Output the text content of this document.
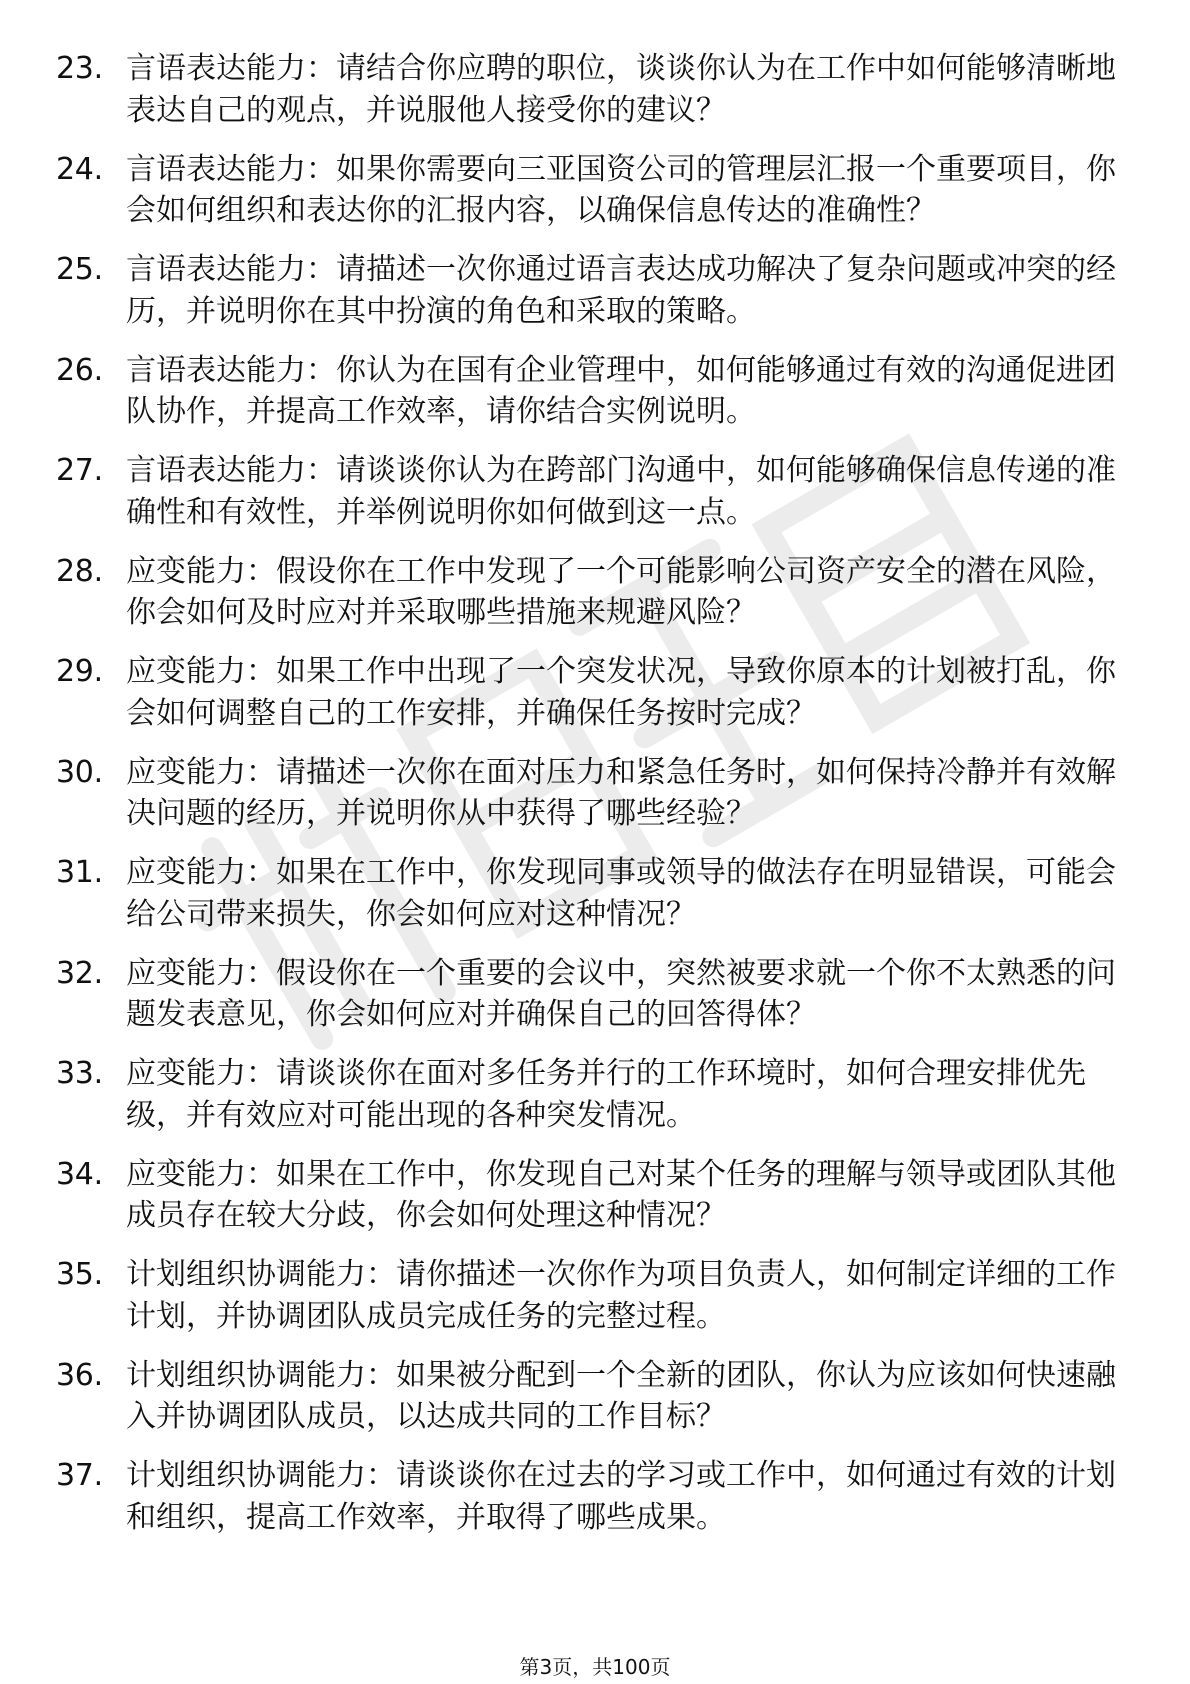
23. 言语表达能力：请结合你应聘的职位，谈谈你认为在工作中如何能够清晰地表达自己的观点，并说服他人接受你的建议？
24. 言语表达能力：如果你需要向三亚国资公司的管理层汇报一个重要项目，你会如何组织和表达你的汇报内容，以确保信息传达的准确性？
25. 言语表达能力：请描述一次你通过语言表达成功解决了复杂问题或冲突的经历，并说明你在其中扮演的角色和采取的策略。
26. 言语表达能力：你认为在国有企业管理中，如何能够通过有效的沟通促进团队协作，并提高工作效率，请你结合实例说明。
27. 言语表达能力：请谈谈你认为在跨部门沟通中，如何能够确保信息传递的准确性和有效性，并举例说明你如何做到这一点。
28. 应变能力：假设你在工作中发现了一个可能影响公司资产安全的潜在风险，你会如何及时应对并采取哪些措施来规避风险？
29. 应变能力：如果工作中出现了一个突发状况，导致你原本的计划被打乱，你会如何调整自己的工作安排，并确保任务按时完成？
30. 应变能力：请描述一次你在面对压力和紧急任务时，如何保持冷静并有效解决问题的经历，并说明你从中获得了哪些经验？
31. 应变能力：如果在工作中，你发现同事或领导的做法存在明显错误，可能会给公司带来损失，你会如何应对这种情况？
32. 应变能力：假设你在一个重要的会议中，突然被要求就一个你不太熟悉的问题发表意见，你会如何应对并确保自己的回答得体？
33. 应变能力：请谈谈你在面对多任务并行的工作环境时，如何合理安排优先级，并有效应对可能出现的各种突发情况。
34. 应变能力：如果在工作中，你发现自己对某个任务的理解与领导或团队其他成员存在较大分歧，你会如何处理这种情况？
35. 计划组织协调能力：请你描述一次你作为项目负责人，如何制定详细的工作计划，并协调团队成员完成任务的完整过程。
36. 计划组织协调能力：如果被分配到一个全新的团队，你认为应该如何快速融入并协调团队成员，以达成共同的工作目标？
37. 计划组织协调能力：请谈谈你在过去的学习或工作中，如何通过有效的计划和组织，提高工作效率，并取得了哪些成果。
第3页，共100页
